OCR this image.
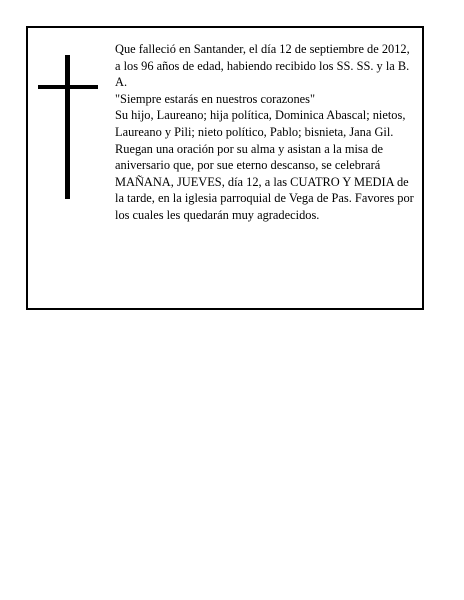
Que falleció en Santander, el día 12 de septiembre de 2012, a los 96 años de edad, habiendo recibido los SS. SS. y la B. A.

"Siempre estarás en nuestros corazones"

Su hijo, Laureano; hija política, Dominica Abascal; nietos, Laureano y Pili; nieto político, Pablo; bisnieta, Jana Gil.

Ruegan una oración por su alma y asistan a la misa de aniversario que, por sue eterno descanso, se celebrará MAÑANA, JUEVES, día 12, a las CUATRO Y MEDIA de la tarde, en la iglesia parroquial de Vega de Pas. Favores por los cuales les quedarán muy agradecidos.
